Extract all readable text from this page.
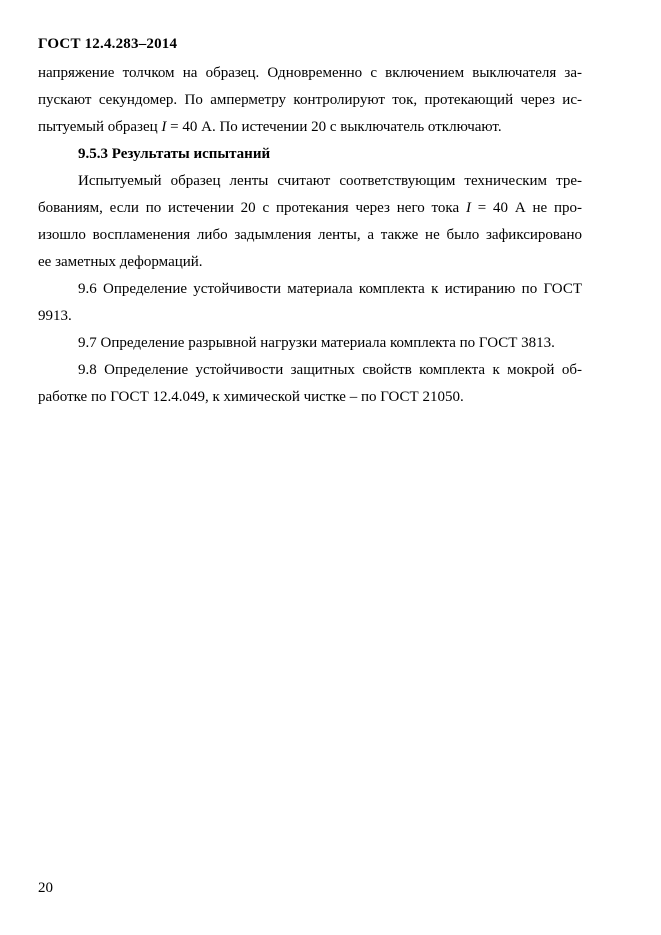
ГОСТ 12.4.283–2014
напряжение толчком на образец. Одновременно с включением выключателя за-
пускают секундомер. По амперметру контролируют ток, протекающий через ис-
пытуемый образец I = 40 А. По истечении 20 с выключатель отключают.
9.5.3 Результаты испытаний
Испытуемый образец ленты считают соответствующим техническим тре-
бованиям, если по истечении 20 с протекания через него тока I = 40 А не про-
изошло воспламенения либо задымления ленты, а также не было зафиксировано
ее заметных деформаций.
9.6 Определение устойчивости материала комплекта к истиранию по ГОСТ
9913.
9.7 Определение разрывной нагрузки материала комплекта по ГОСТ 3813.
9.8 Определение устойчивости защитных свойств комплекта к мокрой об-
работке по ГОСТ 12.4.049, к химической чистке – по ГОСТ 21050.
20
